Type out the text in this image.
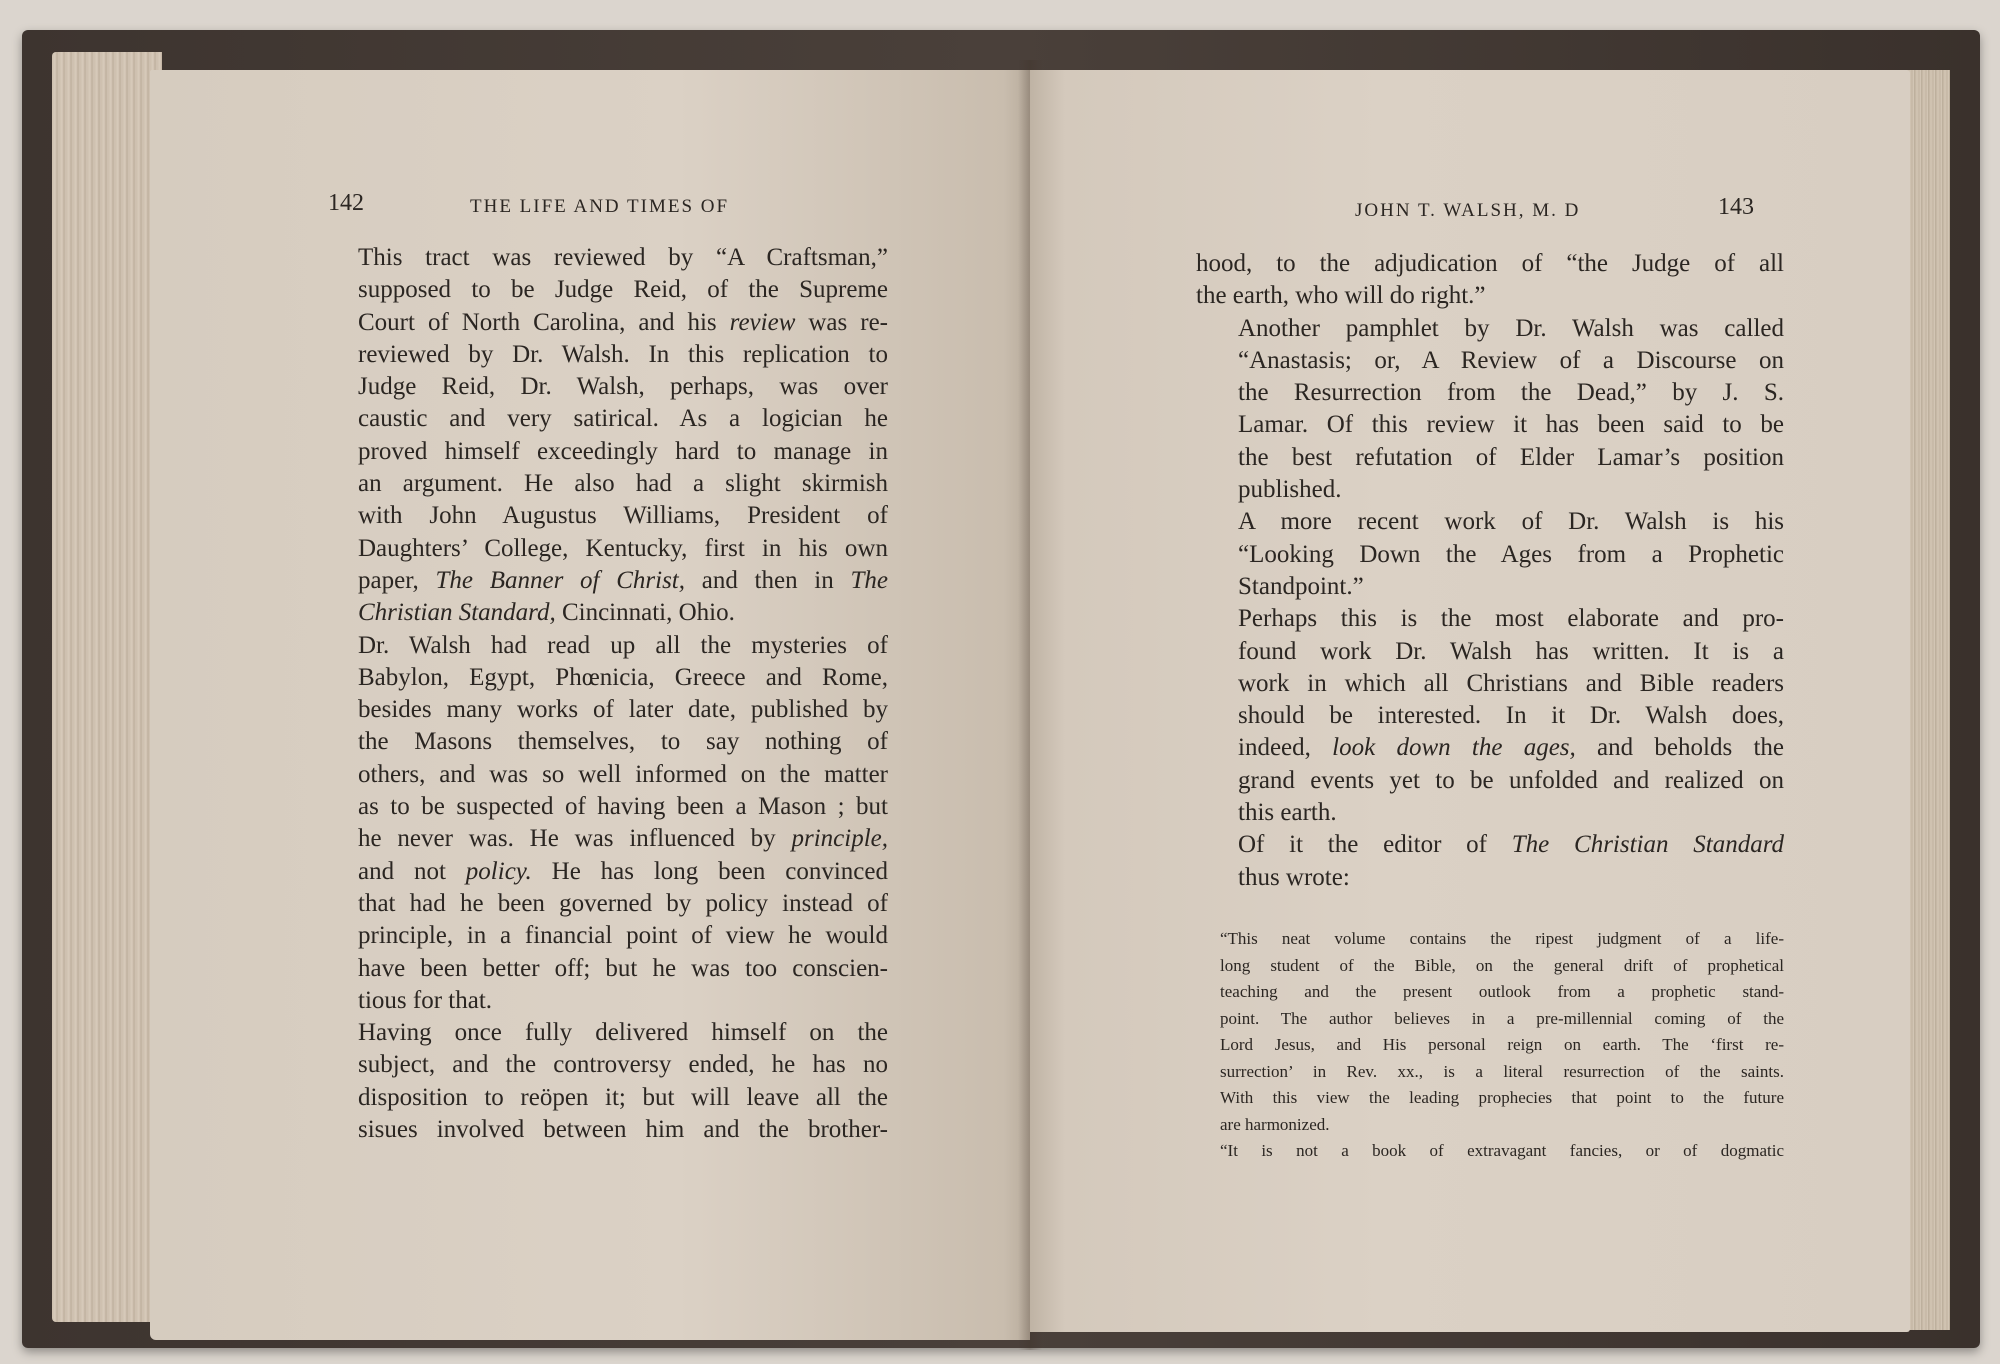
142	THE LIFE AND TIMES OF

This tract was reviewed by “A Craftsman,”
supposed to be Judge Reid, of the Supreme
Court of North Carolina, and his review was re-
reviewed by Dr. Walsh. In this replication to
Judge Reid, Dr. Walsh, perhaps, was over
caustic and very satirical. As a logician he
proved himself exceedingly hard to manage in
an argument. He also had a slight skirmish
with John Augustus Williams, President of
Daughters’ College, Kentucky, first in his own
paper, The Banner of Christ, and then in The
Christian Standard, Cincinnati, Ohio.

Dr. Walsh had read up all the mysteries of
Babylon, Egypt, Phœnicia, Greece and Rome,
besides many works of later date, published by
the Masons themselves, to say nothing of
others, and was so well informed on the matter
as to be suspected of having been a Mason ; but
he never was. He was influenced by principle,
and not policy. He has long been convinced
that had he been governed by policy instead of
principle, in a financial point of view he would
have been better off; but he was too conscien-
tious for that.

Having once fully delivered himself on the
subject, and the controversy ended, he has no
disposition to reöpen it; but will leave all the
sisues involved between him and the brother-

JOHN T. WALSH, M. D	143

hood, to the adjudication of “the Judge of all
the earth, who will do right.”

Another pamphlet by Dr. Walsh was called
“Anastasis; or, A Review of a Discourse on
the Resurrection from the Dead,” by J. S.
Lamar. Of this review it has been said to be
the best refutation of Elder Lamar’s position
published.

A more recent work of Dr. Walsh is his
“Looking Down the Ages from a Prophetic
Standpoint.”

Perhaps this is the most elaborate and pro-
found work Dr. Walsh has written. It is a
work in which all Christians and Bible readers
should be interested. In it Dr. Walsh does,
indeed, look down the ages, and beholds the
grand events yet to be unfolded and realized on
this earth.

Of it the editor of The Christian Standard
thus wrote:

“This neat volume contains the ripest judgment of a life-
long student of the Bible, on the general drift of prophetical
teaching and the present outlook from a prophetic stand-
point. The author believes in a pre-millennial coming of the
Lord Jesus, and His personal reign on earth. The ‘first re-
surrection’ in Rev. xx., is a literal resurrection of the saints.
With this view the leading prophecies that point to the future
are harmonized.

“It is not a book of extravagant fancies, or of dogmatic
